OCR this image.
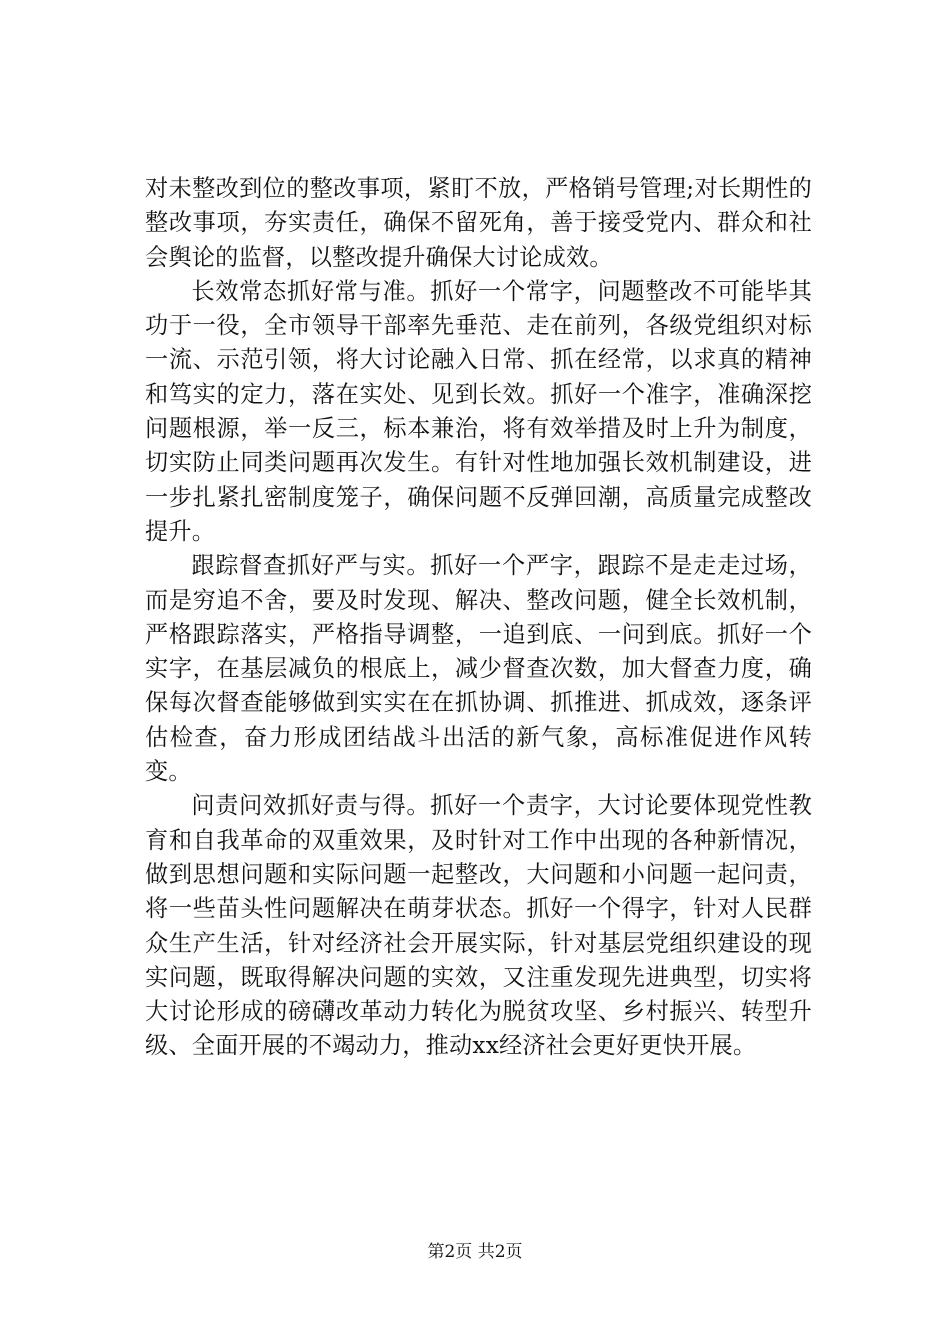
对未整改到位的整改事项，紧盯不放，严格销号管理;对长期性的整改事项，夯实责任，确保不留死角，善于接受党内、群众和社会舆论的监督，以整改提升确保大讨论成效。

长效常态抓好常与准。抓好一个常字，问题整改不可能毕其功于一役，全市领导干部率先垂范、走在前列，各级党组织对标一流、示范引领，将大讨论融入日常、抓在经常，以求真的精神和笃实的定力，落在实处、见到长效。抓好一个准字，准确深挖问题根源，举一反三，标本兼治，将有效举措及时上升为制度，切实防止同类问题再次发生。有针对性地加强长效机制建设，进一步扎紧扎密制度笼子，确保问题不反弹回潮，高质量完成整改提升。

跟踪督查抓好严与实。抓好一个严字，跟踪不是走走过场，而是穷追不舍，要及时发现、解决、整改问题，健全长效机制，严格跟踪落实，严格指导调整，一追到底、一问到底。抓好一个实字，在基层减负的根底上，减少督查次数，加大督查力度，确保每次督查能够做到实实在在抓协调、抓推进、抓成效，逐条评估检查，奋力形成团结战斗出活的新气象，高标准促进作风转变。

问责问效抓好责与得。抓好一个责字，大讨论要体现党性教育和自我革命的双重效果，及时针对工作中出现的各种新情况，做到思想问题和实际问题一起整改，大问题和小问题一起问责，将一些苗头性问题解决在萌芽状态。抓好一个得字，针对人民群众生产生活，针对经济社会开展实际，针对基层党组织建设的现实问题，既取得解决问题的实效，又注重发现先进典型，切实将大讨论形成的磅礴改革动力转化为脱贫攻坚、乡村振兴、转型升级、全面开展的不竭动力，推动xx经济社会更好更快开展。

第2页 共2页
